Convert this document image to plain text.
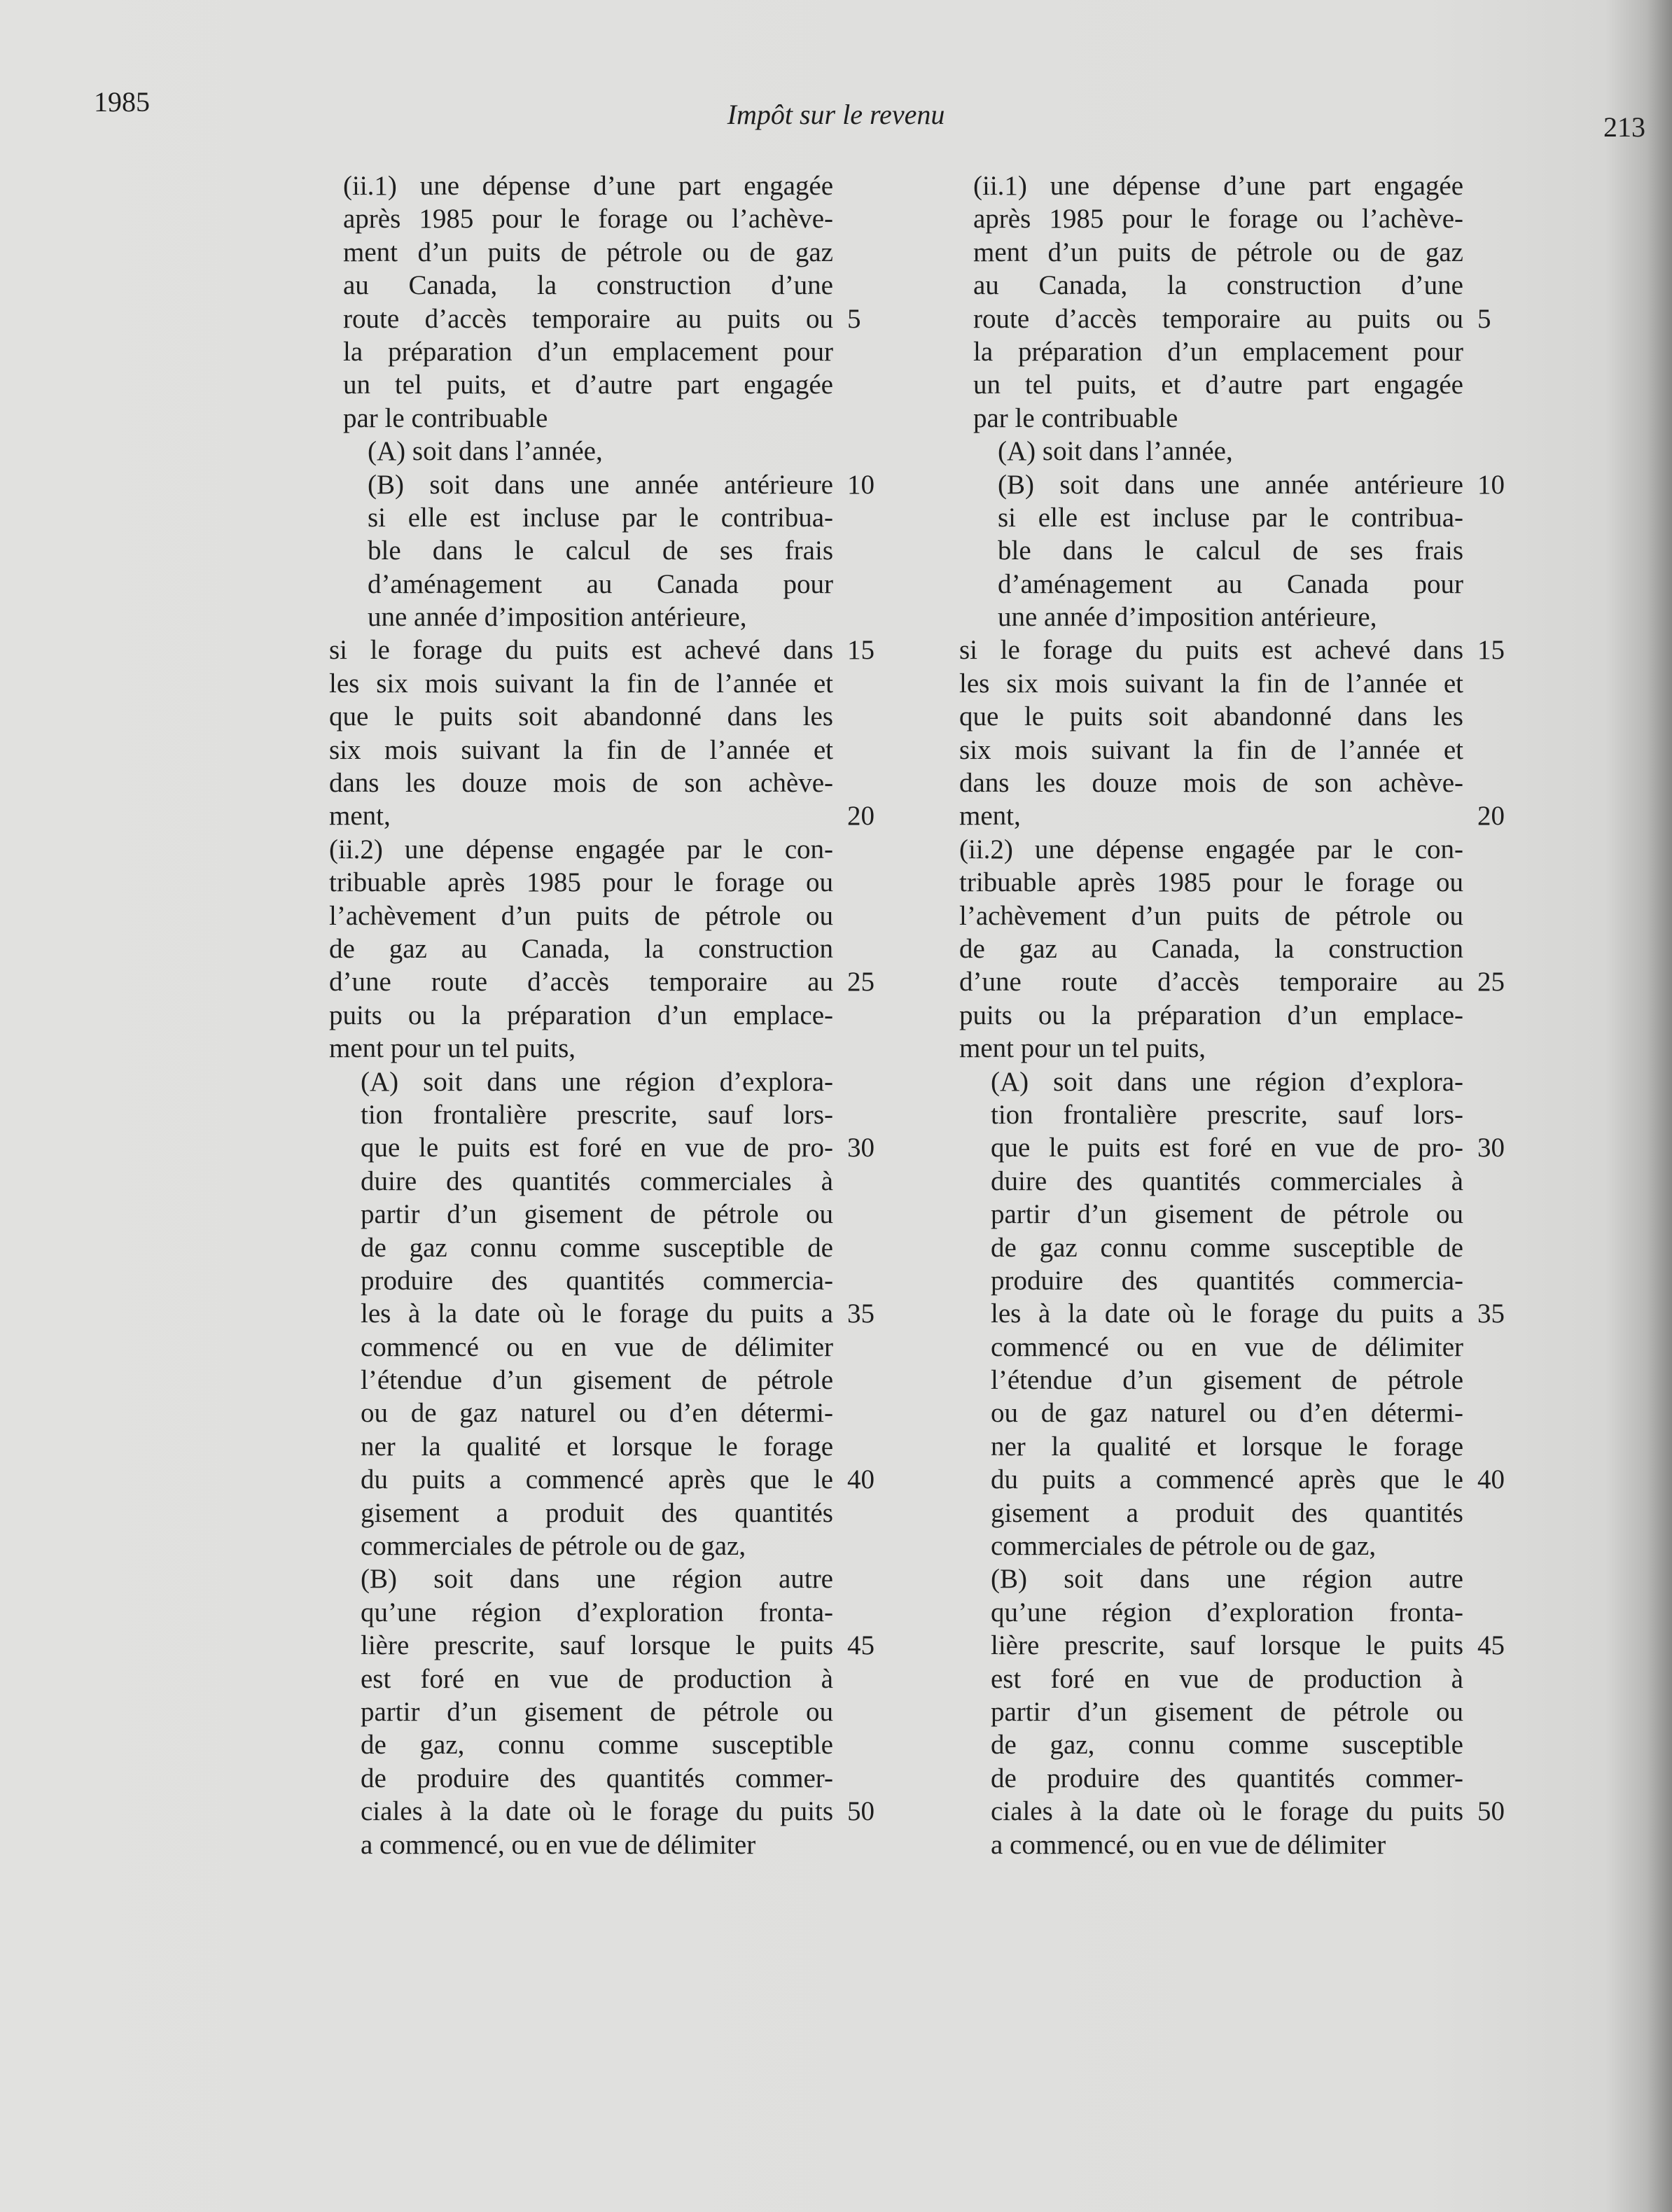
1985	Impôt sur le revenu	213
(ii.1) une dépense d’une part engagée
après 1985 pour le forage ou l’achève-
ment d’un puits de pétrole ou de gaz
au Canada, la construction d’une
route d’accès temporaire au puits ou 5
la préparation d’un emplacement pour
un tel puits, et d’autre part engagée
par le contribuable
(A) soit dans l’année,
(B) soit dans une année antérieure 10
si elle est incluse par le contribua-
ble dans le calcul de ses frais
d’aménagement au Canada pour
une année d’imposition antérieure,
si le forage du puits est achevé dans 15
les six mois suivant la fin de l’année et
que le puits soit abandonné dans les
six mois suivant la fin de l’année et
dans les douze mois de son achève-
ment,	20
(ii.2) une dépense engagée par le con-
tribuable après 1985 pour le forage ou
l’achèvement d’un puits de pétrole ou
de gaz au Canada, la construction
d’une route d’accès temporaire au 25
puits ou la préparation d’un emplace-
ment pour un tel puits,
(A) soit dans une région d’explora-
tion frontalière prescrite, sauf lors-
que le puits est foré en vue de pro- 30
duire des quantités commerciales à
partir d’un gisement de pétrole ou
de gaz connu comme susceptible de
produire des quantités commercia-
les à la date où le forage du puits a 35
commencé ou en vue de délimiter
l’étendue d’un gisement de pétrole
ou de gaz naturel ou d’en détermi-
ner la qualité et lorsque le forage
du puits a commencé après que le 40
gisement a produit des quantités
commerciales de pétrole ou de gaz,
(B) soit dans une région autre
qu’une région d’exploration fronta-
lière prescrite, sauf lorsque le puits 45
est foré en vue de production à
partir d’un gisement de pétrole ou
de gaz, connu comme susceptible
de produire des quantités commer-
ciales à la date où le forage du puits 50
a commencé, ou en vue de délimiter
(ii.1) une dépense d’une part engagée
après 1985 pour le forage ou l’achève-
ment d’un puits de pétrole ou de gaz
au Canada, la construction d’une
route d’accès temporaire au puits ou 5
la préparation d’un emplacement pour
un tel puits, et d’autre part engagée
par le contribuable
(A) soit dans l’année,
(B) soit dans une année antérieure 10
si elle est incluse par le contribua-
ble dans le calcul de ses frais
d’aménagement au Canada pour
une année d’imposition antérieure,
si le forage du puits est achevé dans 15
les six mois suivant la fin de l’année et
que le puits soit abandonné dans les
six mois suivant la fin de l’année et
dans les douze mois de son achève-
ment,	20
(ii.2) une dépense engagée par le con-
tribuable après 1985 pour le forage ou
l’achèvement d’un puits de pétrole ou
de gaz au Canada, la construction
d’une route d’accès temporaire au 25
puits ou la préparation d’un emplace-
ment pour un tel puits,
(A) soit dans une région d’explora-
tion frontalière prescrite, sauf lors-
que le puits est foré en vue de pro- 30
duire des quantités commerciales à
partir d’un gisement de pétrole ou
de gaz connu comme susceptible de
produire des quantités commercia-
les à la date où le forage du puits a 35
commencé ou en vue de délimiter
l’étendue d’un gisement de pétrole
ou de gaz naturel ou d’en détermi-
ner la qualité et lorsque le forage
du puits a commencé après que le 40
gisement a produit des quantités
commerciales de pétrole ou de gaz,
(B) soit dans une région autre
qu’une région d’exploration fronta-
lière prescrite, sauf lorsque le puits 45
est foré en vue de production à
partir d’un gisement de pétrole ou
de gaz, connu comme susceptible
de produire des quantités commer-
ciales à la date où le forage du puits 50
a commencé, ou en vue de délimiter
